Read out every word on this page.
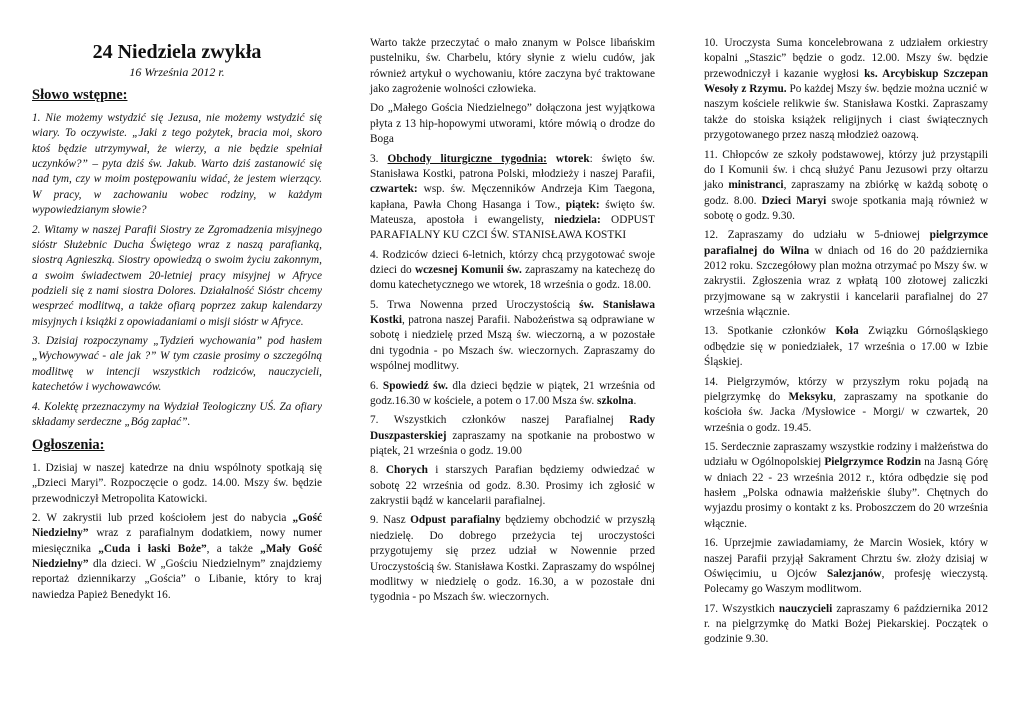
24 Niedziela zwykła
16 Września 2012 r.
Słowo wstępne:

1. Nie możemy wstydzić się Jezusa, nie możemy wstydzić się wiary. To oczywiste. „Jaki z tego pożytek, bracia moi, skoro ktoś będzie utrzymywał, że wierzy, a nie będzie spełniał uczynków?” – pyta dziś św. Jakub. Warto dziś zastanowić się nad tym, czy w moim postępowaniu widać, że jestem wierzący. W pracy, w zachowaniu wobec rodziny, w każdym wypowiedzianym słowie?

2. Witamy w naszej Parafii Siostry ze Zgromadzenia misyjnego sióstr Służebnic Ducha Świętego wraz z naszą parafianką, siostrą Agnieszką. Siostry opowiedzą o swoim życiu zakonnym, a swoim świadectwem 20-letniej pracy misyjnej w Afryce podzieli się z nami siostra Dolores. Działalność Sióstr chcemy wesprzeć modlitwą, a także ofiarą poprzez zakup kalendarzy misyjnych i książki z opowiadaniami o misji sióstr w Afryce.

3. Dzisiaj rozpoczynamy „Tydzień wychowania” pod hasłem „Wychowywać - ale jak ?” W tym czasie prosimy o szczególną modlitwę w intencji wszystkich rodziców, nauczycieli, katechetów i wychowawców.

4. Kolektę przeznaczymy na Wydział Teologiczny UŚ. Za ofiary składamy serdeczne „Bóg zapłać”.

Ogłoszenia:

1. Dzisiaj w naszej katedrze na dniu wspólnoty spotkają się „Dzieci Maryi”. Rozpoczęcie o godz. 14.00. Mszy św. będzie przewodniczył Metropolita Katowicki.

2. W zakrystii lub przed kościołem jest do nabycia „Gość Niedzielny” wraz z parafialnym dodatkiem, nowy numer miesięcznika „Cuda i łaski Boże”, a także „Mały Gość Niedzielny” dla dzieci. W „Gościu Niedzielnym” znajdziemy reportaż dziennikarzy „Gościa” o Libanie, który to kraj nawiedza Papież Benedykt 16.

Warto także przeczytać o mało znanym w Polsce libańskim pustelniku, św. Charbelu, który słynie z wielu cudów, jak również artykuł o wychowaniu, które zaczyna być traktowane jako zagrożenie wolności człowieka.

Do „Małego Gościa Niedzielnego” dołączona jest wyjątkowa płyta z 13 hip-hopowymi utworami, które mówią o drodze do Boga

3. Obchody liturgiczne tygodnia: wtorek: święto św. Stanisława Kostki, patrona Polski, młodzieży i naszej Parafii, czwartek: wsp. św. Męczenników Andrzeja Kim Taegona, kapłana, Pawła Chong Hasanga i Tow., piątek: święto św. Mateusza, apostoła i ewangelisty, niedziela: ODPUST PARAFIALNY KU CZCI ŚW. STANISŁAWA KOSTKI

4. Rodziców dzieci 6-letnich, którzy chcą przygotować swoje dzieci do wczesnej Komunii św. zapraszamy na katechezę do domu katechetycznego we wtorek, 18 września o godz. 18.00.

5. Trwa Nowenna przed Uroczystością św. Stanisława Kostki, patrona naszej Parafii. Nabożeństwa są odprawiane w sobotę i niedzielę przed Mszą św. wieczorną, a w pozostałe dni tygodnia - po Mszach św. wieczornych. Zapraszamy do wspólnej modlitwy.

6. Spowiedź św. dla dzieci będzie w piątek, 21 września od godz.16.30 w kościele, a potem o 17.00 Msza św. szkolna.

7. Wszystkich członków naszej Parafialnej Rady Duszpasterskiej zapraszamy na spotkanie na probostwo w piątek, 21 września o godz. 19.00

8. Chorych i starszych Parafian będziemy odwiedzać w sobotę 22 września od godz. 8.30. Prosimy ich zgłosić w zakrystii bądź w kancelarii parafialnej.

9. Nasz Odpust parafialny będziemy obchodzić w przyszłą niedzielę. Do dobrego przeżycia tej uroczystości przygotujemy się przez udział w Nowennie przed Uroczystością św. Stanisława Kostki. Zapraszamy do wspólnej modlitwy w niedzielę o godz. 16.30, a w pozostałe dni tygodnia - po Mszach św. wieczornych.

10. Uroczysta Suma koncelebrowana z udziałem orkiestry kopalni „Staszic” będzie o godz. 12.00. Mszy św. będzie przewodniczył i kazanie wygłosi ks. Arcybiskup Szczepan Wesoły z Rzymu. Po każdej Mszy św. będzie można ucznić w naszym kościele relikwie św. Stanisława Kostki. Zapraszamy także do stoiska książek religijnych i ciast świątecznych przygotowanego przez naszą młodzież oazową.

11. Chłopców ze szkoły podstawowej, którzy już przystąpili do I Komunii św. i chcą służyć Panu Jezusowi przy ołtarzu jako ministranci, zapraszamy na zbiórkę w każdą sobotę o godz. 8.00. Dzieci Maryi swoje spotkania mają również w sobotę o godz. 9.30.

12. Zapraszamy do udziału w 5-dniowej pielgrzymce parafialnej do Wilna w dniach od 16 do 20 października 2012 roku. Szczegółowy plan można otrzymać po Mszy św. w zakrystii. Zgłoszenia wraz z wpłatą 100 złotowej zaliczki przyjmowane są w zakrystii i kancelarii parafialnej do 27 września włącznie.

13. Spotkanie członków Koła Związku Górnośląskiego odbędzie się w poniedziałek, 17 września o 17.00 w Izbie Śląskiej.

14. Pielgrzymów, którzy w przyszłym roku pojadą na pielgrzymkę do Meksyku, zapraszamy na spotkanie do kościoła św. Jacka /Mysłowice - Morgi/ w czwartek, 20 września o godz. 19.45.

15. Serdecznie zapraszamy wszystkie rodziny i małżeństwa do udziału w Ogólnopolskiej Pielgrzymce Rodzin na Jasną Górę w dniach 22 - 23 września 2012 r., która odbędzie się pod hasłem „Polska odnawia małżeńskie śluby”. Chętnych do wyjazdu prosimy o kontakt z ks. Proboszczem do 20 września włącznie.

16. Uprzejmie zawiadamiamy, że Marcin Wosiek, który w naszej Parafii przyjął Sakrament Chrztu św. złoży dzisiaj w Oświęcimiu, u Ojców Salezjanów, profesję wieczystą. Polecamy go Waszym modlitwom.

17. Wszystkich nauczycieli zapraszamy 6 października 2012 r. na pielgrzymkę do Matki Bożej Piekarskiej. Początek o godzinie 9.30.
